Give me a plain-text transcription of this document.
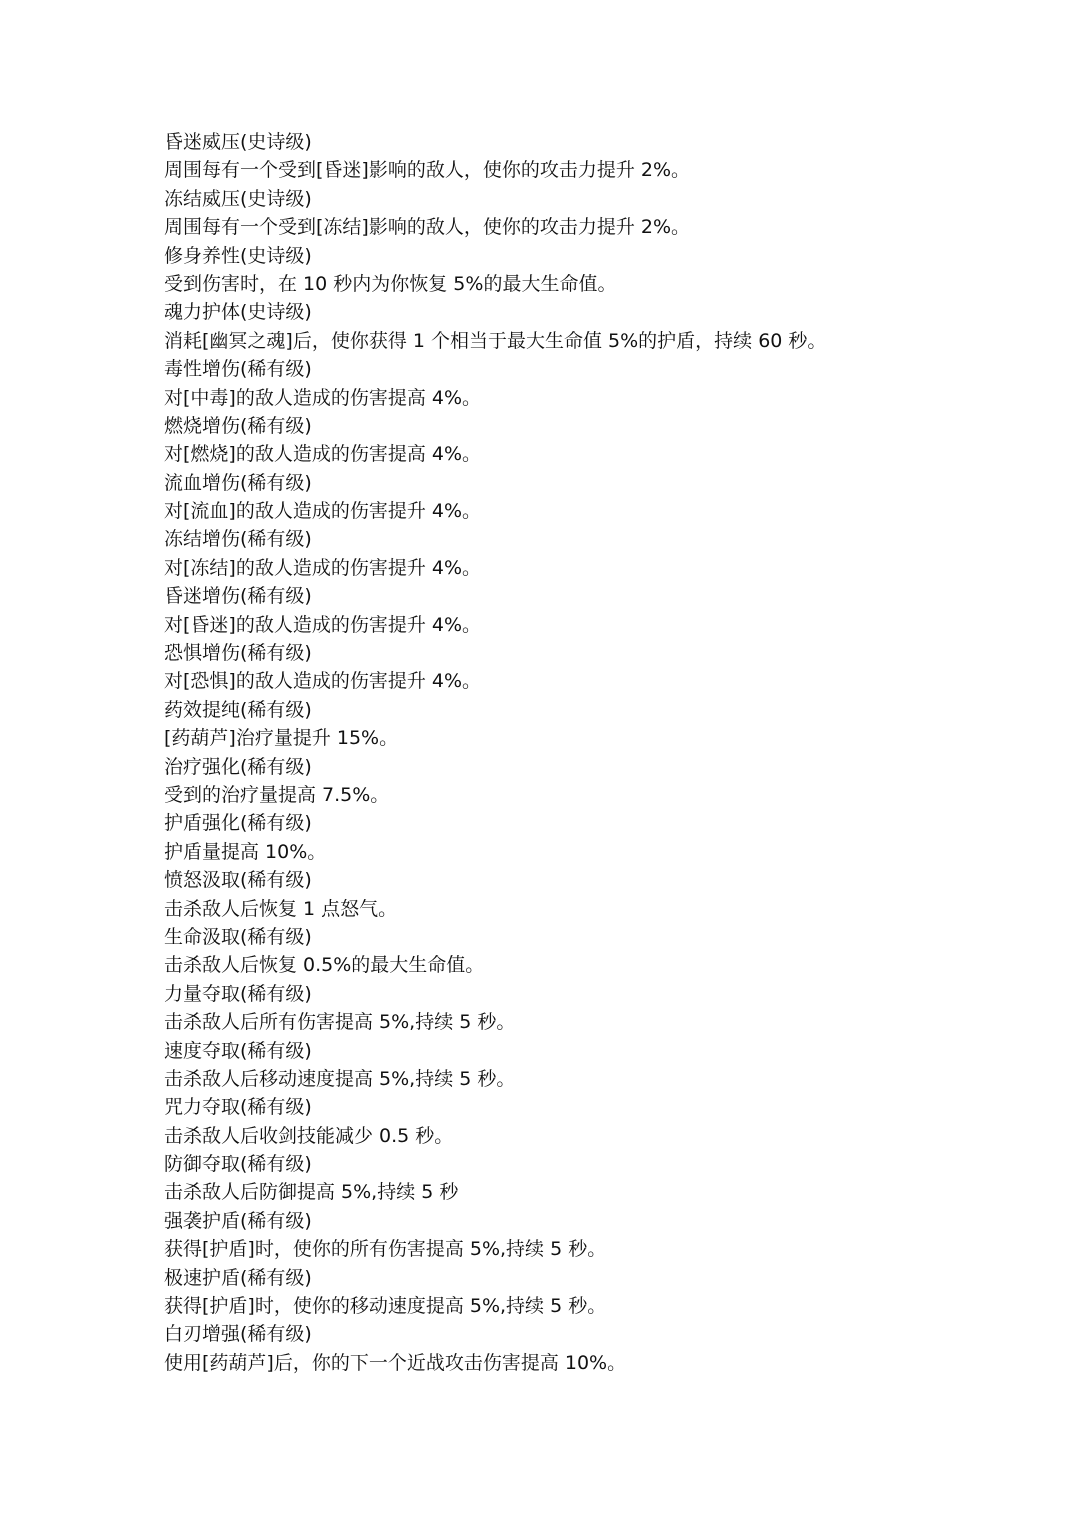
昏迷威压(史诗级)
周围每有一个受到[昏迷]影响的敌人，使你的攻击力提升 2%。
冻结威压(史诗级)
周围每有一个受到[冻结]影响的敌人，使你的攻击力提升 2%。
修身养性(史诗级)
受到伤害时，在 10 秒内为你恢复 5%的最大生命值。
魂力护体(史诗级)
消耗[幽冥之魂]后，使你获得 1 个相当于最大生命值 5%的护盾，持续 60 秒。
毒性增伤(稀有级)
对[中毒]的敌人造成的伤害提高 4%。
燃烧增伤(稀有级)
对[燃烧]的敌人造成的伤害提高 4%。
流血增伤(稀有级)
对[流血]的敌人造成的伤害提升 4%。
冻结增伤(稀有级)
对[冻结]的敌人造成的伤害提升 4%。
昏迷增伤(稀有级)
对[昏迷]的敌人造成的伤害提升 4%。
恐惧增伤(稀有级)
对[恐惧]的敌人造成的伤害提升 4%。
药效提纯(稀有级)
[药葫芦]治疗量提升 15%。
治疗强化(稀有级)
受到的治疗量提高 7.5%。
护盾强化(稀有级)
护盾量提高 10%。
愤怒汲取(稀有级)
击杀敌人后恢复 1 点怒气。
生命汲取(稀有级)
击杀敌人后恢复 0.5%的最大生命值。
力量夺取(稀有级)
击杀敌人后所有伤害提高 5%,持续 5 秒。
速度夺取(稀有级)
击杀敌人后移动速度提高 5%,持续 5 秒。
咒力夺取(稀有级)
击杀敌人后收剑技能减少 0.5 秒。
防御夺取(稀有级)
击杀敌人后防御提高 5%,持续 5 秒
强袭护盾(稀有级)
获得[护盾]时，使你的所有伤害提高 5%,持续 5 秒。
极速护盾(稀有级)
获得[护盾]时，使你的移动速度提高 5%,持续 5 秒。
白刃增强(稀有级)
使用[药葫芦]后，你的下一个近战攻击伤害提高 10%。
